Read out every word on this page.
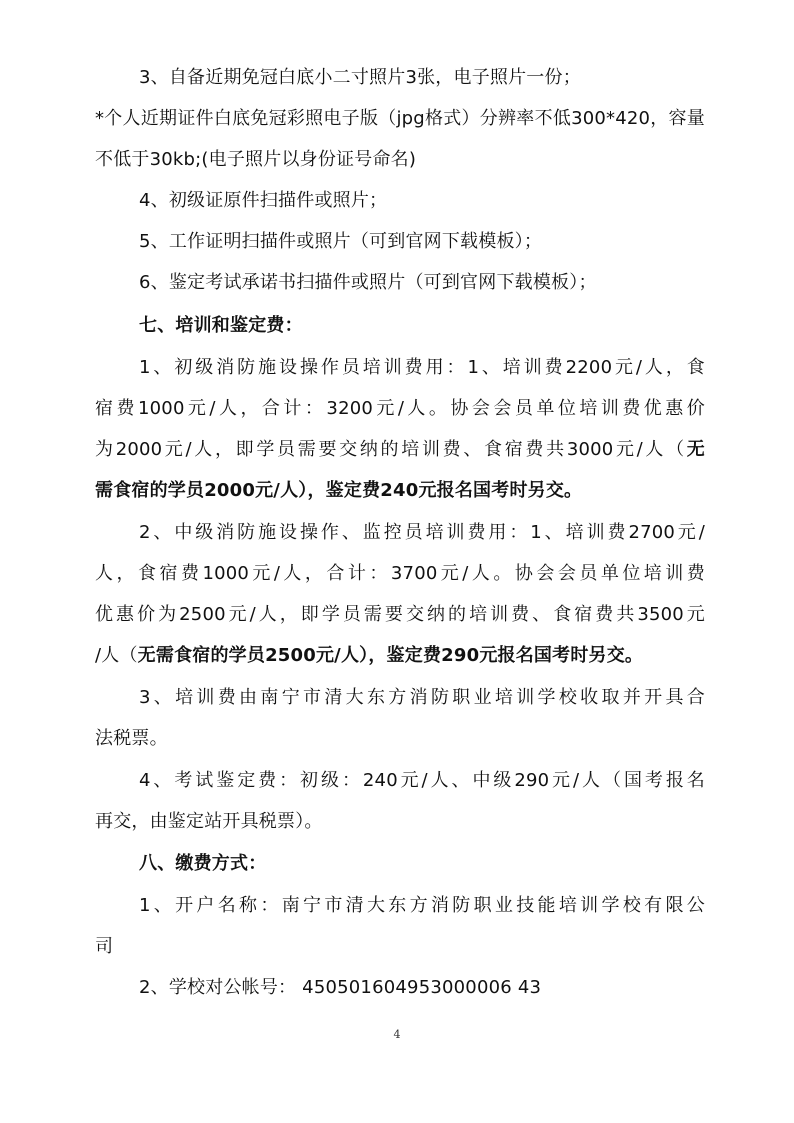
3、自备近期免冠白底小二寸照片3张，电子照片一份；
*个人近期证件白底免冠彩照电子版（jpg格式）分辨率不低300*420，容量
不低于30kb;(电子照片以身份证号命名)
4、初级证原件扫描件或照片；
5、工作证明扫描件或照片（可到官网下载模板）；
6、鉴定考试承诺书扫描件或照片（可到官网下载模板）；
七、培训和鉴定费：
1、初级消防施设操作员培训费用：1、培训费2200元/人，食
宿费1000元/人，合计：3200元/人。协会会员单位培训费优惠价
为2000元/人，即学员需要交纳的培训费、食宿费共3000元/人（无
需食宿的学员2000元/人），鉴定费240元报名国考时另交。
2、中级消防施设操作、监控员培训费用：1、培训费2700元/
人，食宿费1000元/人，合计：3700元/人。协会会员单位培训费
优惠价为2500元/人，即学员需要交纳的培训费、食宿费共3500元
/人（无需食宿的学员2500元/人），鉴定费290元报名国考时另交。
3、培训费由南宁市清大东方消防职业培训学校收取并开具合
法税票。
4、考试鉴定费：初级：240元/人、中级290元/人（国考报名
再交，由鉴定站开具税票）。
八、缴费方式：
1、开户名称：南宁市清大东方消防职业技能培训学校有限公
司
2、学校对公帐号： 450501604953000006 43
4
